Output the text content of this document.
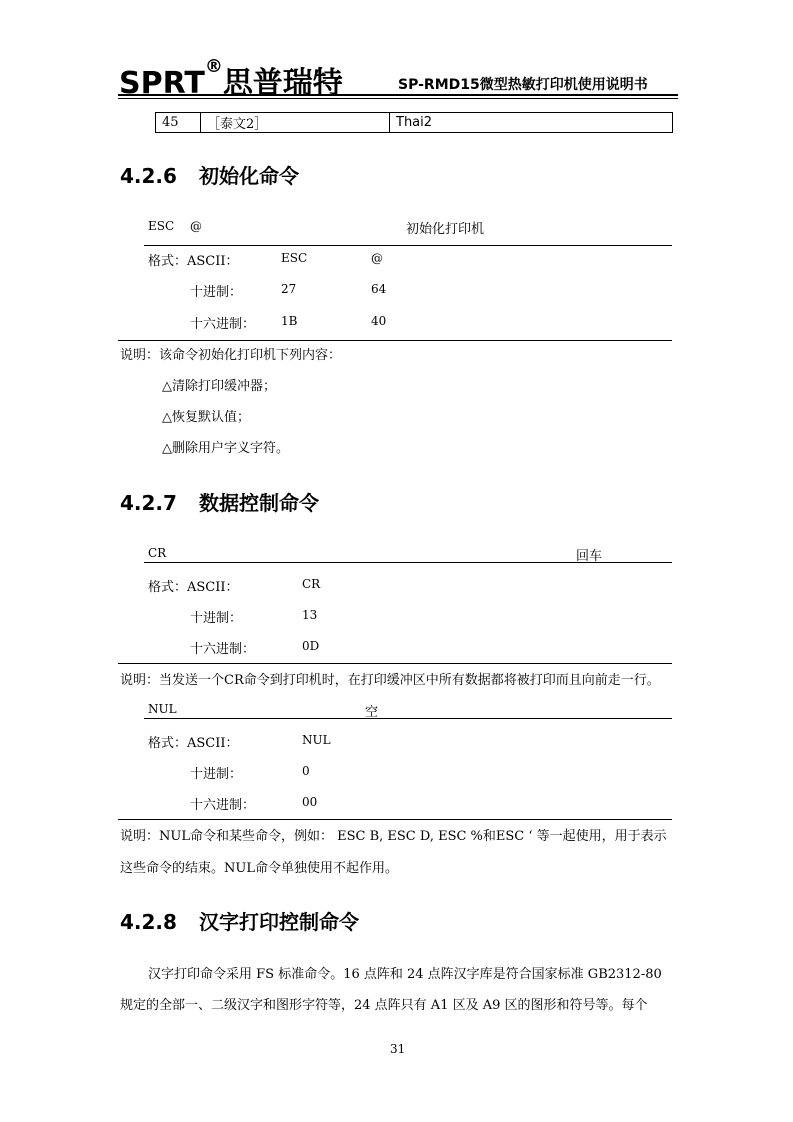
SPRT®思普瑞特	SP-RMD15微型热敏打印机使用说明书
45	［泰文2］	Thai2
4.2.6 初始化命令
ESC @	初始化打印机
格式：ASCII：	ESC	@
十进制：	27	64
十六进制： 1B	40
说明：该命令初始化打印机下列内容：
△清除打印缓冲器；
△恢复默认值；
△删除用户字义字符。
4.2.7 数据控制命令
CR	回车
格式：ASCII：	CR
十进制：	13
十六进制：	0D
说明：当发送一个CR命令到打印机时，在打印缓冲区中所有数据都将被打印而且向前走一行。
NUL	空
格式：ASCII：	NUL
十进制：	0
十六进制：	00
说明：NUL命令和某些命令，例如： ESC B, ESC D, ESC %和ESC ‘ 等一起使用，用于表示
这些命令的结束。NUL命令单独使用不起作用。
4.2.8 汉字打印控制命令
汉字打印命令采用 FS 标准命令。16 点阵和 24 点阵汉字库是符合国家标准 GB2312-80
规定的全部一、二级汉字和图形字符等，24 点阵只有 A1 区及 A9 区的图形和符号等。每个
31
